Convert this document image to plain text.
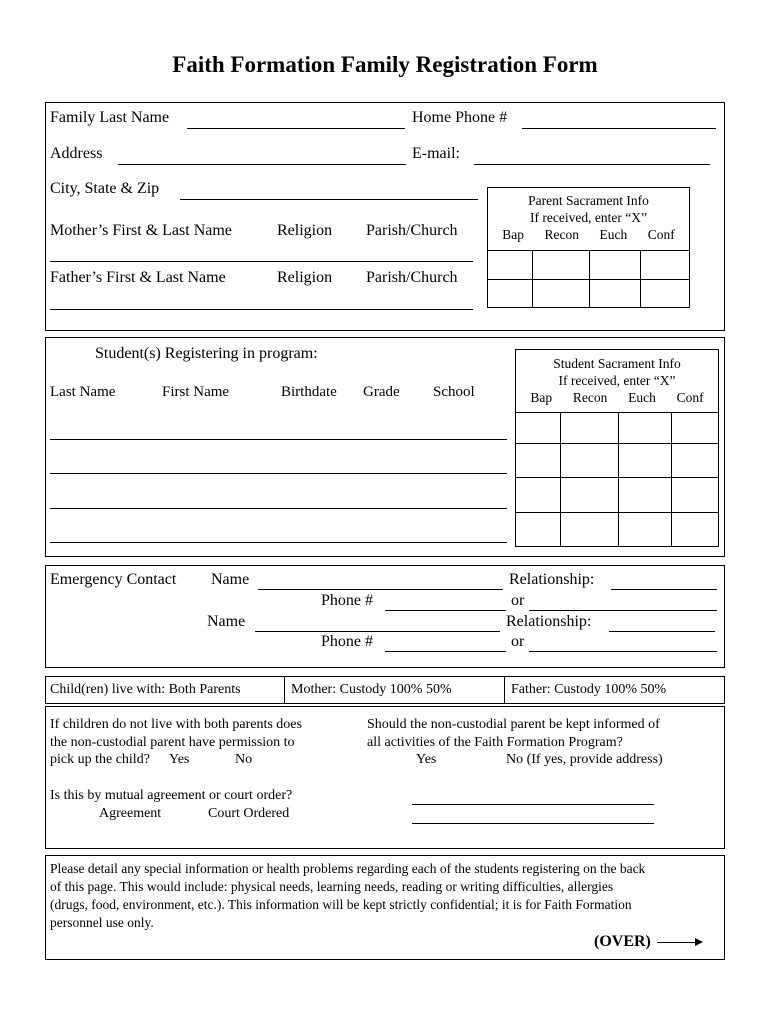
Faith Formation Family Registration Form
Family Last Name	Home Phone #
Address	E-mail:
City, State & Zip
Mother’s First & Last Name	Religion Parish/Church
Father’s First & Last Name	Religion Parish/Church
Parent Sacrament Info
If received, enter “X”
Bap Recon Euch Conf

Student(s) Registering in program:
Last Name	First Name	Birthdate Grade School
Student Sacrament Info
If received, enter “X”
Bap Recon Euch Conf

Emergency Contact Name	Relationship:
Phone #	or
Name	Relationship:
Phone #	or
Child(ren) live with: Both Parents	Mother: Custody 100% 50%	Father: Custody 100% 50%
If children do not live with both parents does
the non-custodial parent have permission to
pick up the child? Yes	No
Should the non-custodial parent be kept informed of
all activities of the Faith Formation Program?
Yes	No (If yes, provide address)
Is this by mutual agreement or court order?
Agreement	Court Ordered
Please detail any special information or health problems regarding each of the students registering on the back
of this page. This would include: physical needs, learning needs, reading or writing difficulties, allergies
(drugs, food, environment, etc.). This information will be kept strictly confidential; it is for Faith Formation
personnel use only.
(OVER)
